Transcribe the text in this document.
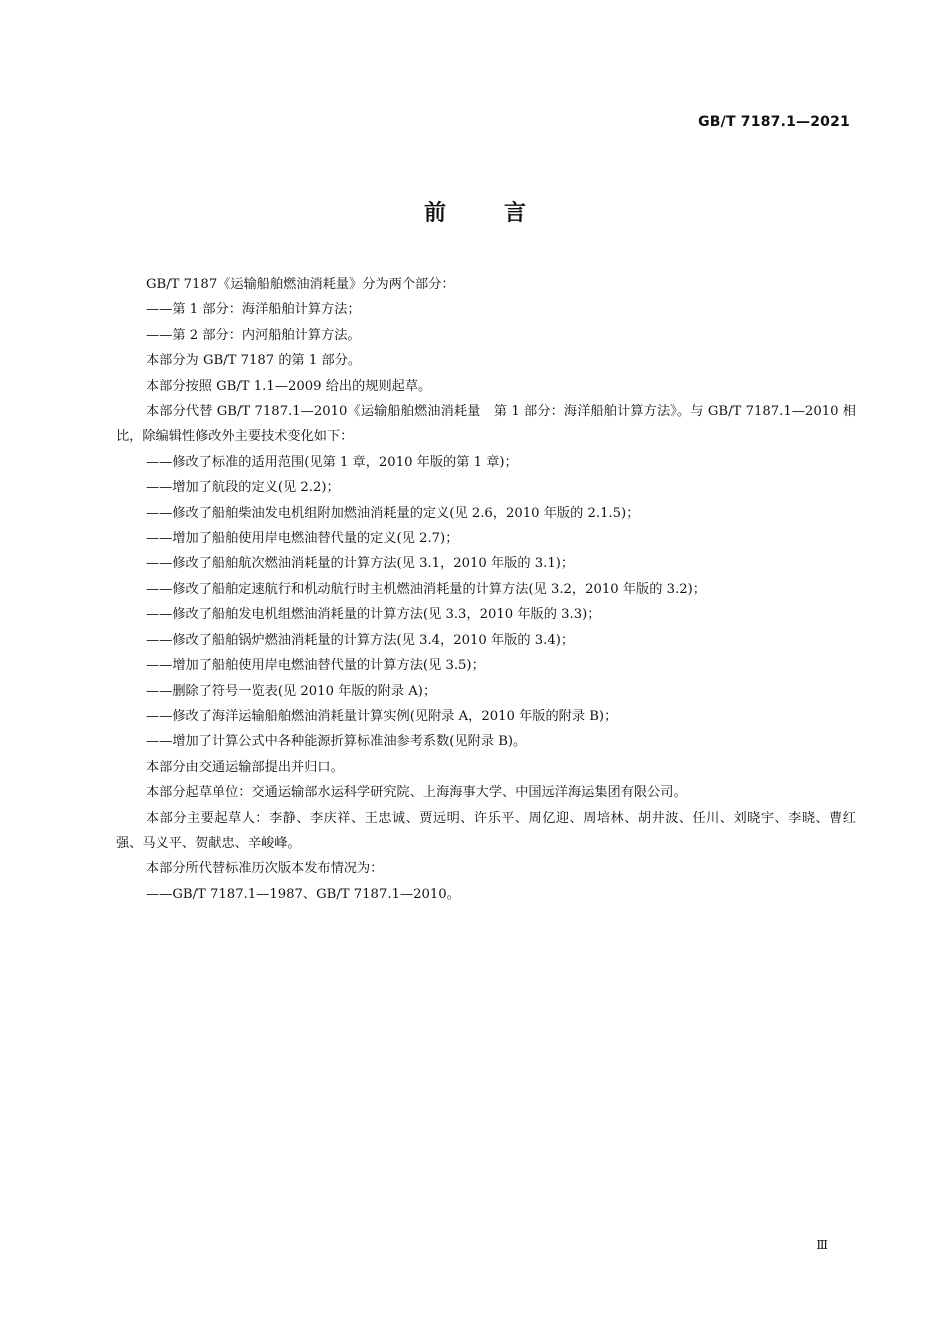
GB/T 7187.1—2021
前言

GB/T 7187《运输船舶燃油消耗量》分为两个部分：

——第 1 部分：海洋船舶计算方法；

——第 2 部分：内河船舶计算方法。

本部分为 GB/T 7187 的第 1 部分。

本部分按照 GB/T 1.1—2009 给出的规则起草。

本部分代替 GB/T 7187.1—2010《运输船舶燃油消耗量　第 1 部分：海洋船舶计算方法》。与 GB/T 7187.1—2010 相比，除编辑性修改外主要技术变化如下：

——修改了标准的适用范围(见第 1 章，2010 年版的第 1 章)；

——增加了航段的定义(见 2.2)；

——修改了船舶柴油发电机组附加燃油消耗量的定义(见 2.6，2010 年版的 2.1.5)；

——增加了船舶使用岸电燃油替代量的定义(见 2.7)；

——修改了船舶航次燃油消耗量的计算方法(见 3.1，2010 年版的 3.1)；

——修改了船舶定速航行和机动航行时主机燃油消耗量的计算方法(见 3.2，2010 年版的 3.2)；

——修改了船舶发电机组燃油消耗量的计算方法(见 3.3，2010 年版的 3.3)；

——修改了船舶锅炉燃油消耗量的计算方法(见 3.4，2010 年版的 3.4)；

——增加了船舶使用岸电燃油替代量的计算方法(见 3.5)；

——删除了符号一览表(见 2010 年版的附录 A)；

——修改了海洋运输船舶燃油消耗量计算实例(见附录 A，2010 年版的附录 B)；

——增加了计算公式中各种能源折算标准油参考系数(见附录 B)。

本部分由交通运输部提出并归口。

本部分起草单位：交通运输部水运科学研究院、上海海事大学、中国远洋海运集团有限公司。

本部分主要起草人：李静、李庆祥、王忠诚、贾远明、许乐平、周亿迎、周培林、胡井波、任川、刘晓宇、李晓、曹红强、马义平、贺献忠、辛峻峰。

本部分所代替标准历次版本发布情况为：

——GB/T 7187.1—1987、GB/T 7187.1—2010。

Ⅲ
